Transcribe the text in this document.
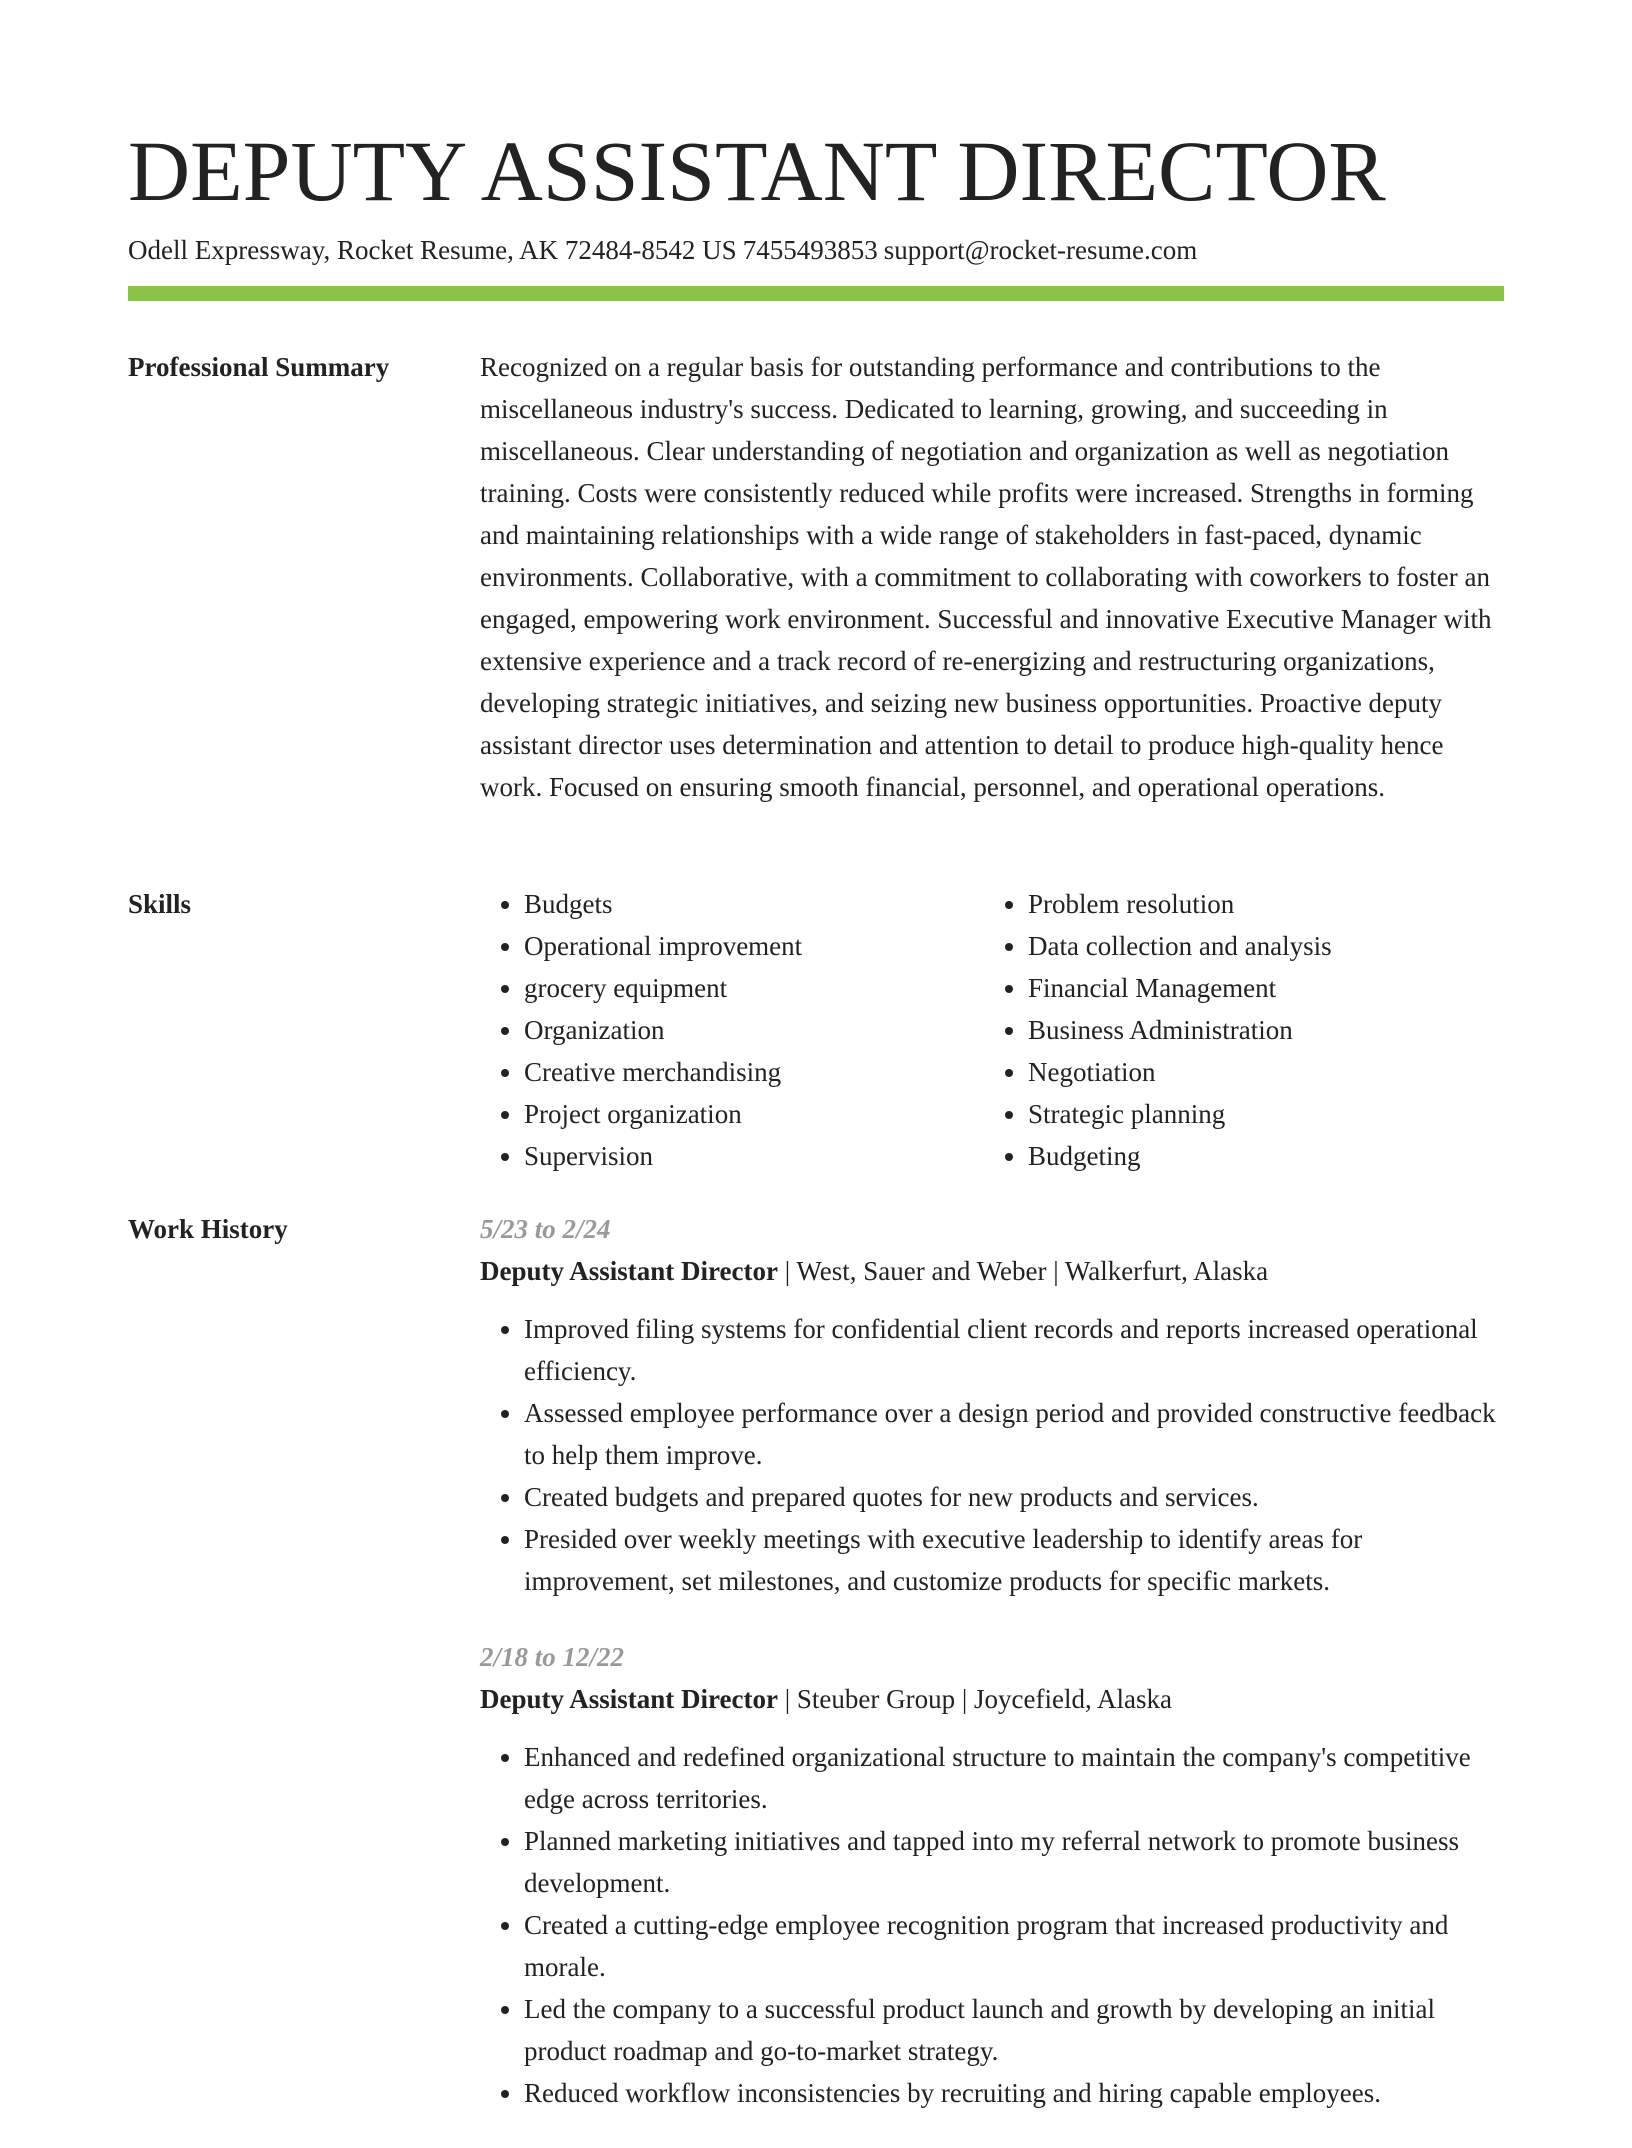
DEPUTY ASSISTANT DIRECTOR
Odell Expressway, Rocket Resume, AK 72484-8542 US 7455493853 support@rocket-resume.com
Professional Summary	Recognized on a regular basis for outstanding performance and contributions to the miscellaneous industry's success. Dedicated to learning, growing, and succeeding in miscellaneous. Clear understanding of negotiation and organization as well as negotiation training. Costs were consistently reduced while profits were increased. Strengths in forming and maintaining relationships with a wide range of stakeholders in fast-paced, dynamic environments. Collaborative, with a commitment to collaborating with coworkers to foster an engaged, empowering work environment. Successful and innovative Executive Manager with extensive experience and a track record of re-energizing and restructuring organizations, developing strategic initiatives, and seizing new business opportunities. Proactive deputy assistant director uses determination and attention to detail to produce high-quality hence work. Focused on ensuring smooth financial, personnel, and operational operations.

Skills
•	Budgets
• Operational improvement
• grocery equipment
• Organization
• Creative merchandising
• Project organization
• Supervision
• Problem resolution
• Data collection and analysis
• Financial Management
• Business Administration
• Negotiation
• Strategic planning
• Budgeting
Work History	5/23 to 2/24
Deputy Assistant Director | West, Sauer and Weber | Walkerfurt, Alaska
• Improved filing systems for confidential client records and reports increased operational efficiency.
• Assessed employee performance over a design period and provided constructive feedback to help them improve.
• Created budgets and prepared quotes for new products and services.
• Presided over weekly meetings with executive leadership to identify areas for improvement, set milestones, and customize products for specific markets.
2/18 to 12/22
Deputy Assistant Director | Steuber Group | Joycefield, Alaska
• Enhanced and redefined organizational structure to maintain the company's competitive edge across territories.
• Planned marketing initiatives and tapped into my referral network to promote business development.
• Created a cutting-edge employee recognition program that increased productivity and morale.
• Led the company to a successful product launch and growth by developing an initial product roadmap and go-to-market strategy.
• Reduced workflow inconsistencies by recruiting and hiring capable employees.
